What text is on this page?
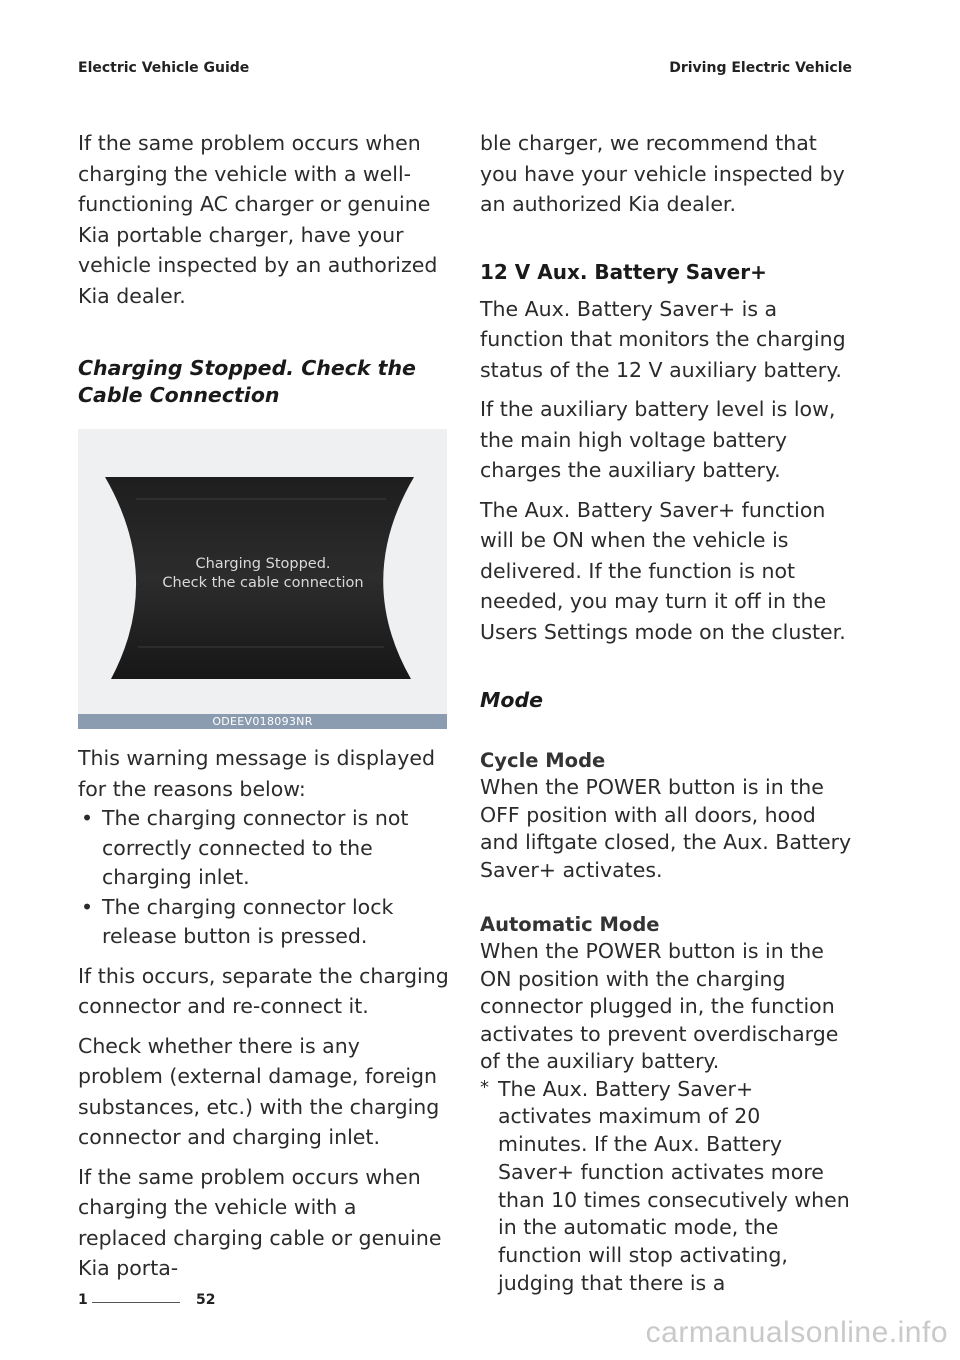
Electric Vehicle Guide	Driving Electric Vehicle

If the same problem occurs when charging the vehicle with a well-functioning AC charger or genuine Kia portable charger, have your vehicle inspected by an authorized Kia dealer.

Charging Stopped. Check the Cable Connection
Charging Stopped.
Check the cable connection
ODEEV018093NR

This warning message is displayed for the reasons below:

• The charging connector is not correctly connected to the charging inlet.
• The charging connector lock release button is pressed.

If this occurs, separate the charging connector and re-connect it.

Check whether there is any problem (external damage, foreign substances, etc.) with the charging connector and charging inlet.

If the same problem occurs when charging the vehicle with a replaced charging cable or genuine Kia porta-

ble charger, we recommend that you have your vehicle inspected by an authorized Kia dealer.

12 V Aux. Battery Saver+

The Aux. Battery Saver+ is a function that monitors the charging status of the 12 V auxiliary battery.

If the auxiliary battery level is low, the main high voltage battery charges the auxiliary battery.

The Aux. Battery Saver+ function will be ON when the vehicle is delivered. If the function is not needed, you may turn it off in the Users Settings mode on the cluster.

Mode
Cycle Mode

When the POWER button is in the OFF position with all doors, hood and liftgate closed, the Aux. Battery Saver+ activates.

Automatic Mode

When the POWER button is in the ON position with the charging connector plugged in, the function activates to prevent overdischarge of the auxiliary battery.

* The Aux. Battery Saver+ activates maximum of 20 minutes. If the Aux. Battery Saver+ function activates more than 10 times consecutively when in the automatic mode, the function will stop activating, judging that there is a

1	52
carmanualsonline.info
